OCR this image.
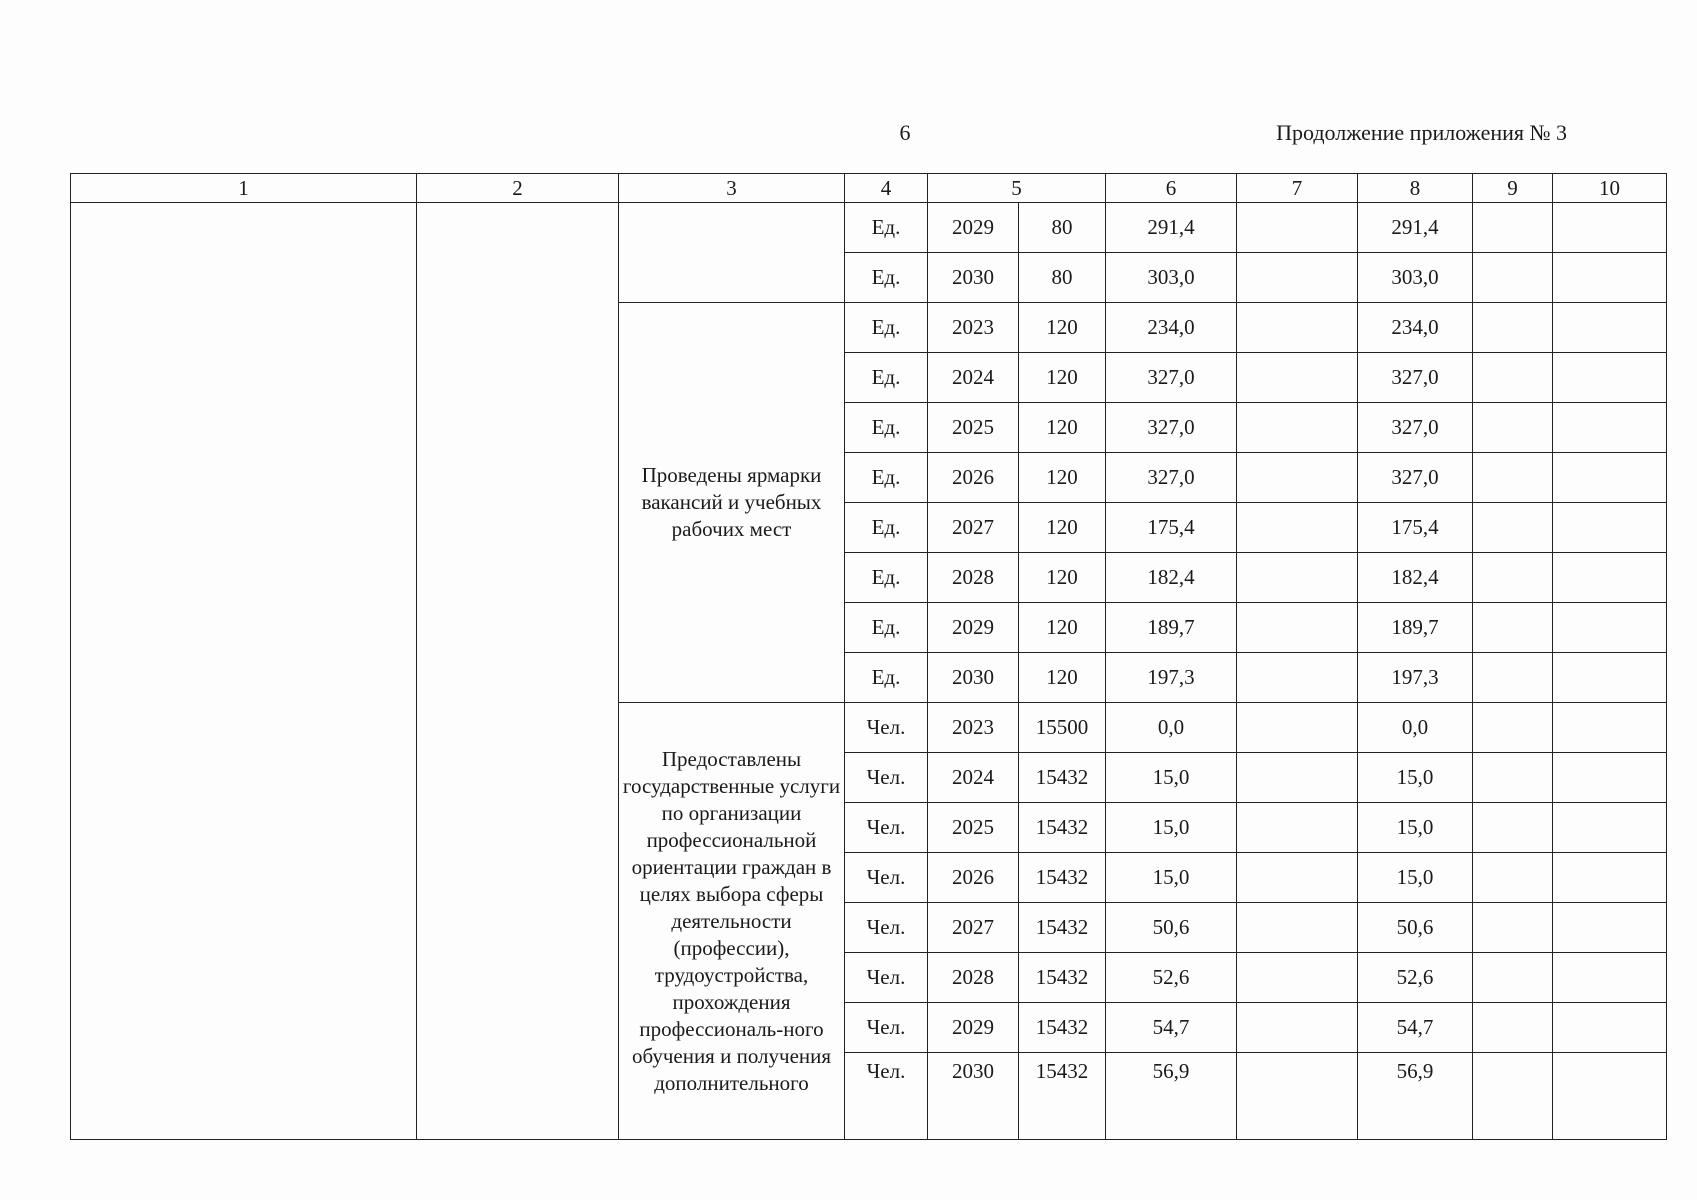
6	Продолжение приложения № 3
1	2	3	4	5		6	7	8	9	10
			Ед.	2029	80	291,4		291,4		
			Ед.	2030	80	303,0		303,0		
		Проведены ярмарки вакансий и учебных рабочих мест	Ед.	2023	120	234,0		234,0		
			Ед.	2024	120	327,0		327,0		
			Ед.	2025	120	327,0		327,0		
			Ед.	2026	120	327,0		327,0		
			Ед.	2027	120	175,4		175,4		
			Ед.	2028	120	182,4		182,4		
			Ед.	2029	120	189,7		189,7		
			Ед.	2030	120	197,3		197,3		
		Предоставлены государственные услуги по организации профессиональной ориентации граждан в целях выбора сферы деятельности (профессии), трудоустройства, прохождения профессиональ-ного обучения и получения дополнительного	Чел.	2023	15500	0,0		0,0		
			Чел.	2024	15432	15,0		15,0		
			Чел.	2025	15432	15,0		15,0		
			Чел.	2026	15432	15,0		15,0		
			Чел.	2027	15432	50,6		50,6		
			Чел.	2028	15432	52,6		52,6		
			Чел.	2029	15432	54,7		54,7		
			Чел.	2030	15432	56,9		56,9		
